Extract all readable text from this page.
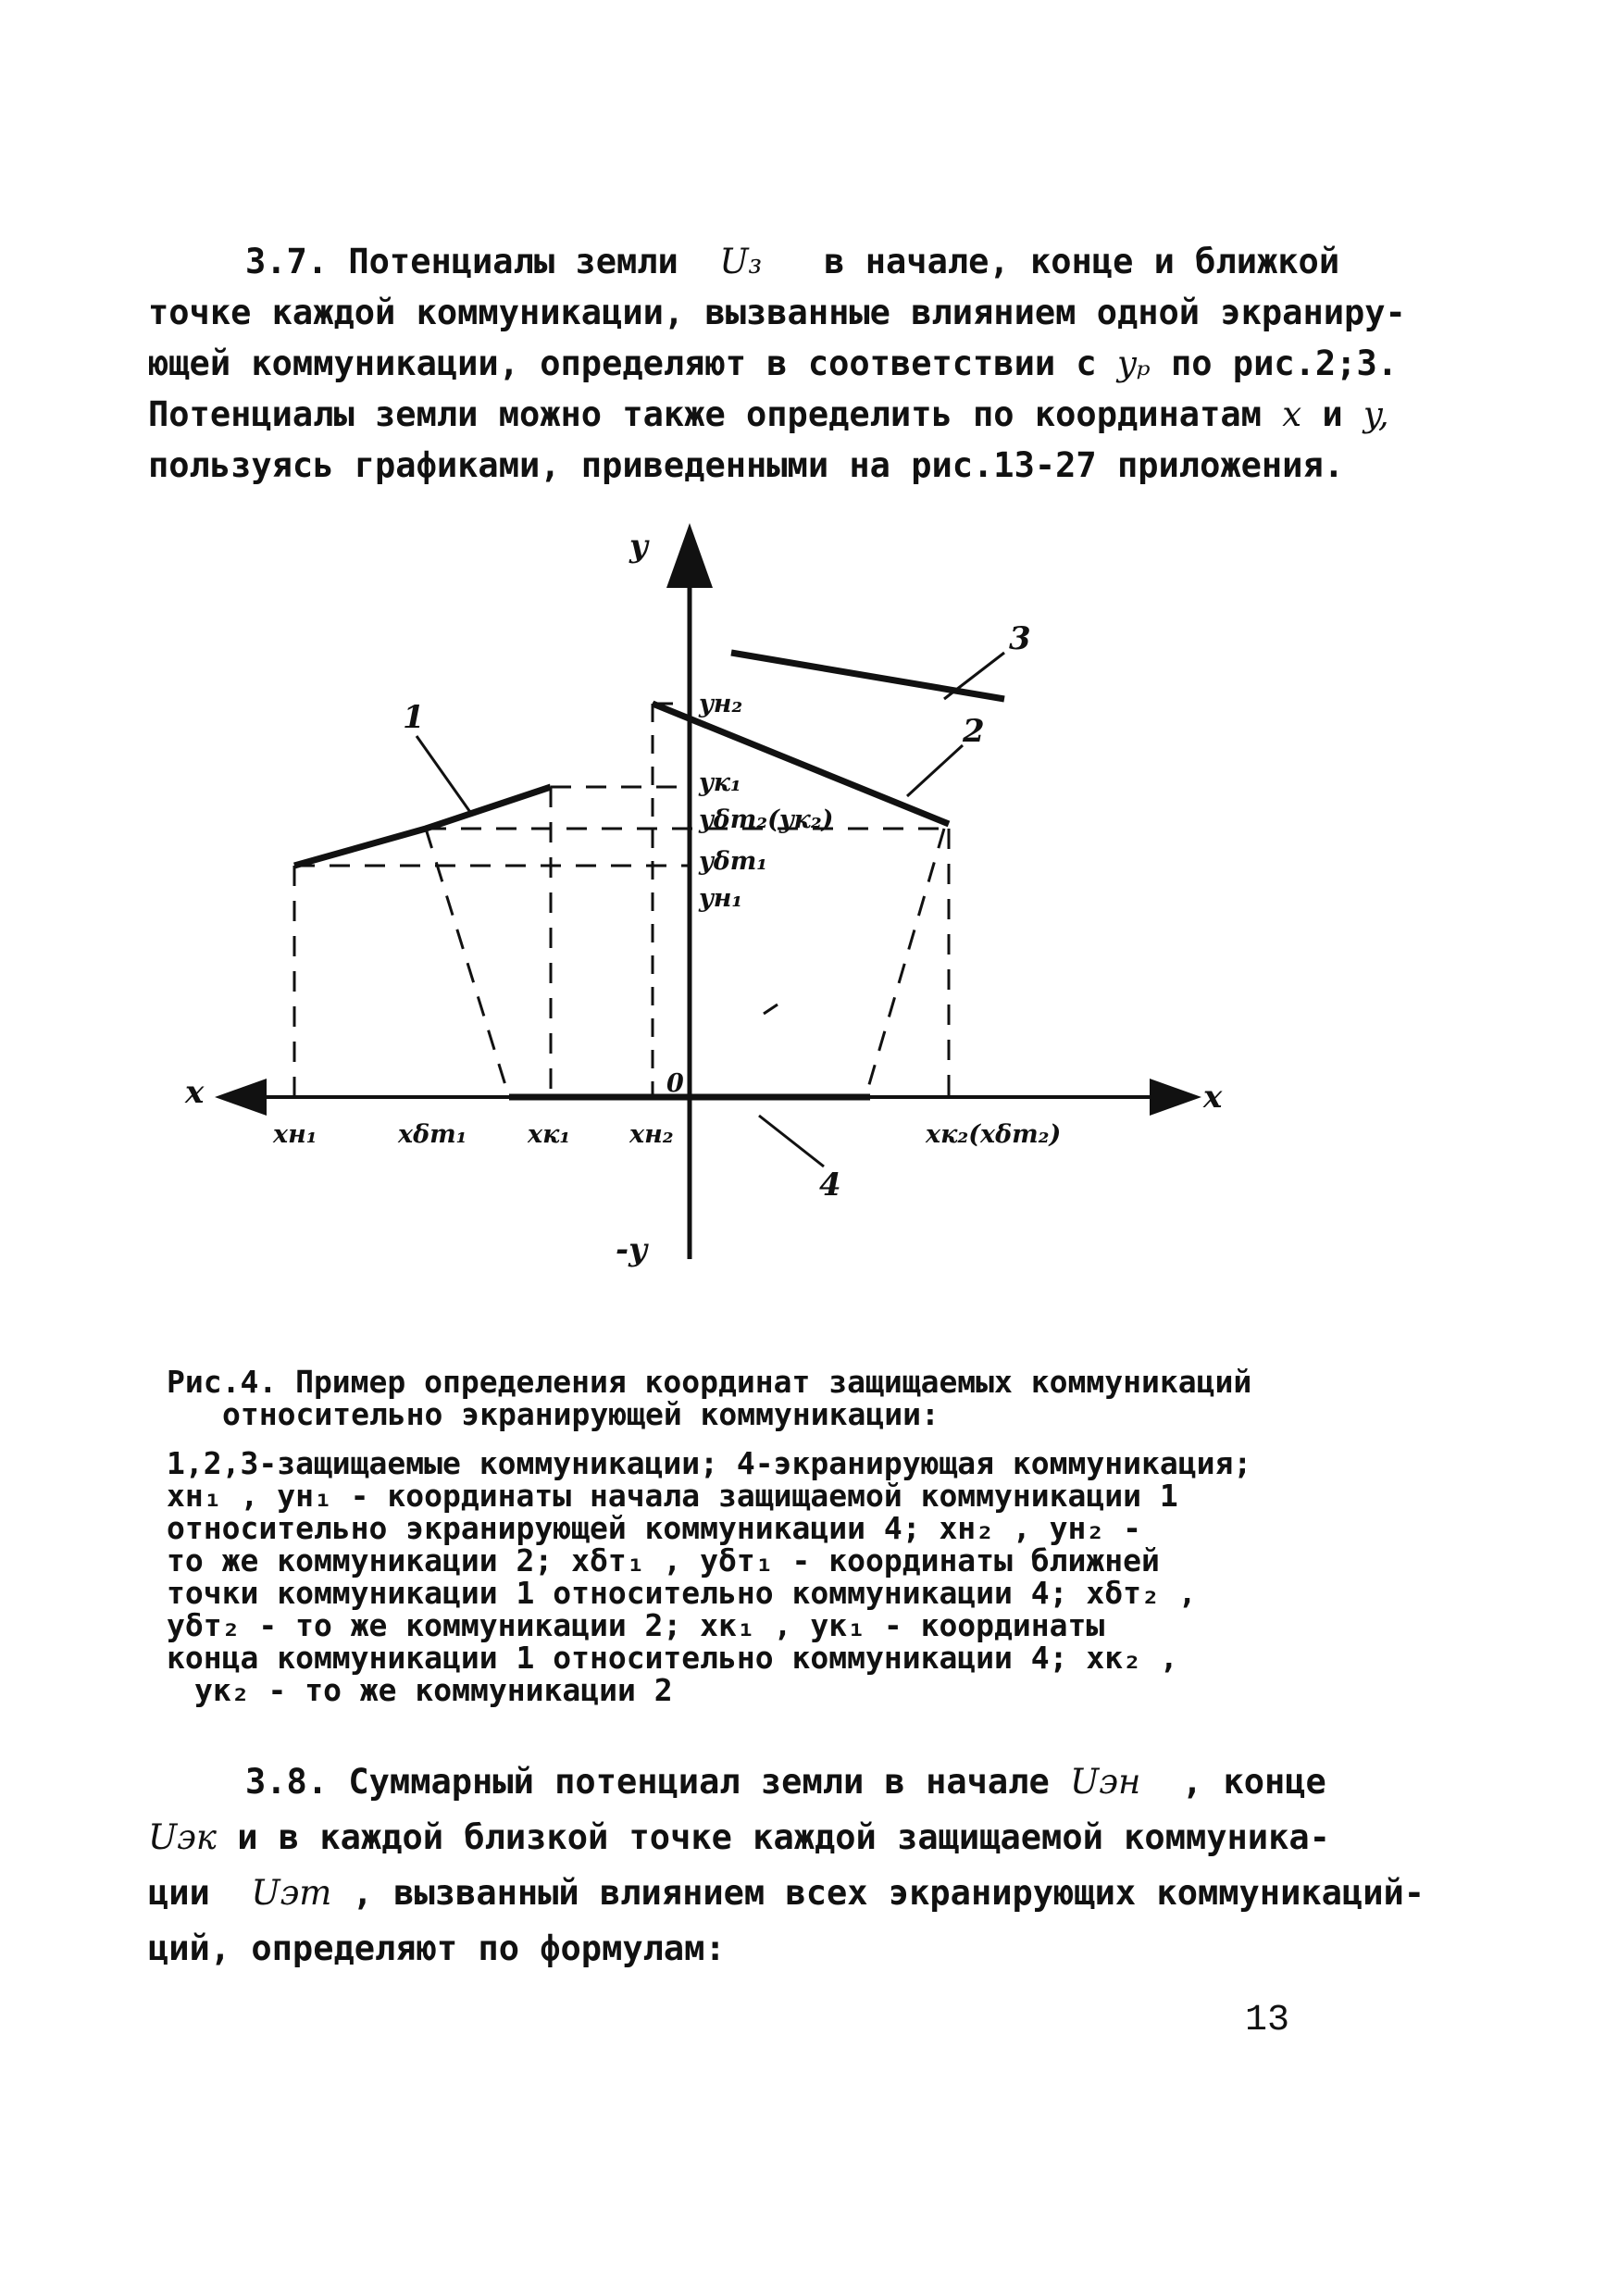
3.7. Потенциалы земли U₃ в начале, конце и ближкой

точке каждой коммуникации, вызванные влиянием одной экраниру-

ющей коммуникации, определяют в соответствии с yₚ по рис.2;3.

Потенциалы земли можно также определить по координатам x и y,

пользуясь графиками, приведенными на рис.13-27 приложения.

y
-y
x	x
0
1	2
3
4
yн₂
yк₁
yδт₂(yк₂)
yδт₁
yн₁
xн₁	xδт₁ xк₁ xн₂	xк₂(xδт₂)

Рис.4. Пример определения координат защищаемых коммуникаций

относительно экранирующей коммуникации:

1,2,3-защищаемые коммуникации; 4-экранирующая коммуникация;

xн₁ , yн₁ - координаты начала защищаемой коммуникации 1

относительно экранирующей коммуникации 4; xн₂ , yн₂ -

то же коммуникации 2; xδт₁ , yδт₁ - координаты ближней

точки коммуникации 1 относительно коммуникации 4; xδт₂ ,

yδт₂ - то же коммуникации 2; xк₁ , yк₁ - координаты

конца коммуникации 1 относительно коммуникации 4; xк₂ ,

yк₂ - то же коммуникации 2

3.8. Суммарный потенциал земли в начале Uэн , конце

Uэк и в каждой близкой точке каждой защищаемой коммуника-

ции Uэт , вызванный влиянием всех экранирующих коммуникаций-

ций, определяют по формулам:

13
